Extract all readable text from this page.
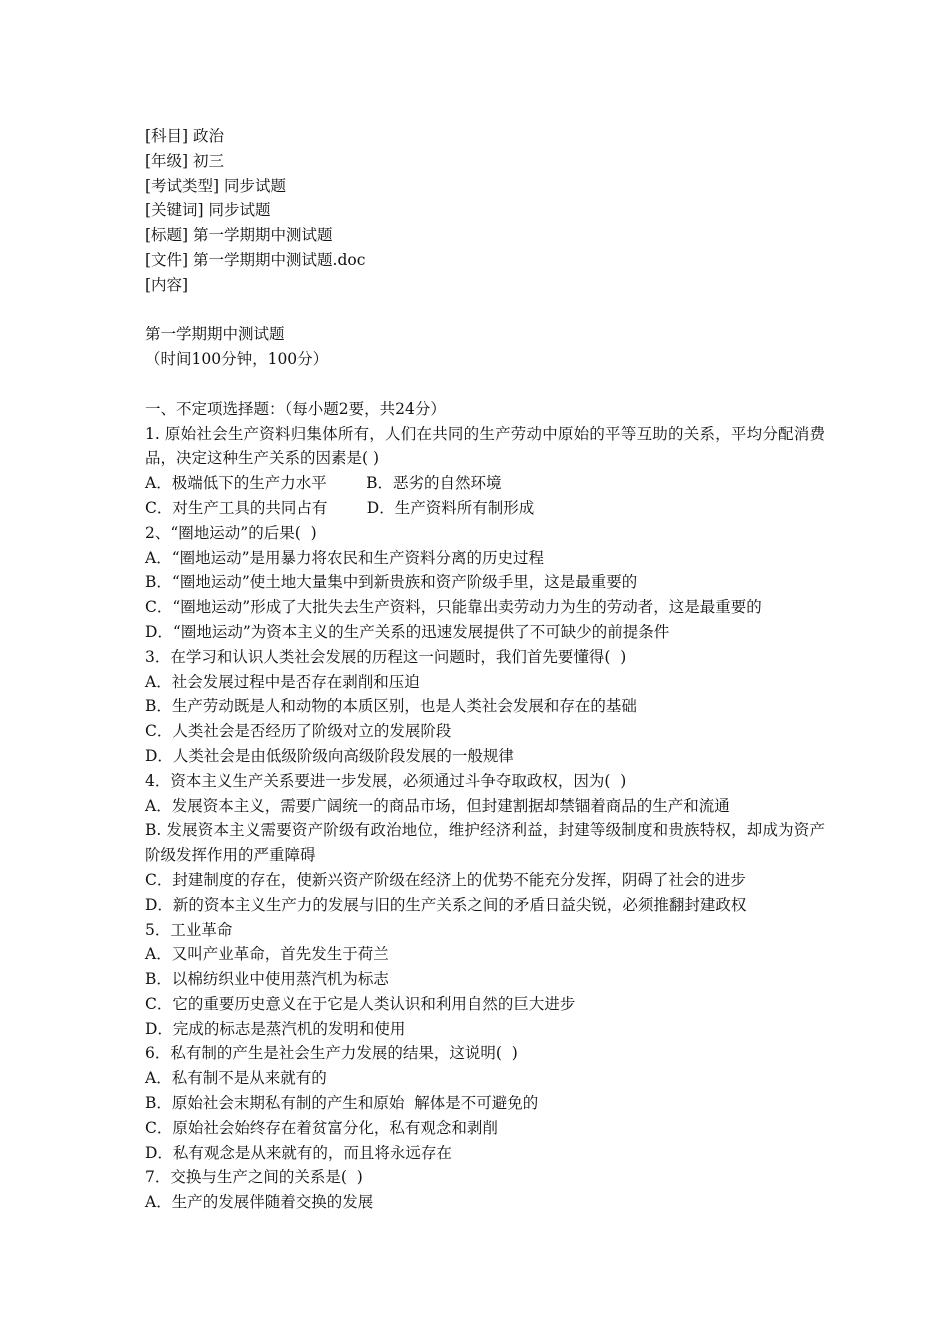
[科目] 政治
[年级] 初三
[考试类型] 同步试题
[关键词] 同步试题
[标题] 第一学期期中测试题
[文件] 第一学期期中测试题.doc
[内容]
第一学期期中测试题
（时间100分钟，100分）
一、不定项选择题：（每小题2要，共24分）
1. 原始社会生产资料归集体所有，人们在共同的生产劳动中原始的平等互助的关系，平均分配消费品，决定这种生产关系的因素是( )
A．极端低下的生产力水平        B．恶劣的自然环境
C．对生产工具的共同占有        D．生产资料所有制形成
2、“圈地运动”的后果(  )
A．“圈地运动”是用暴力将农民和生产资料分离的历史过程
B．“圈地运动”使土地大量集中到新贵族和资产阶级手里，这是最重要的
C．“圈地运动”形成了大批失去生产资料，只能靠出卖劳动力为生的劳动者，这是最重要的
D．“圈地运动”为资本主义的生产关系的迅速发展提供了不可缺少的前提条件
3．在学习和认识人类社会发展的历程这一问题时，我们首先要懂得(  )
A．社会发展过程中是否存在剥削和压迫
B．生产劳动既是人和动物的本质区别，也是人类社会发展和存在的基础
C．人类社会是否经历了阶级对立的发展阶段
D．人类社会是由低级阶级向高级阶段发展的一般规律
4．资本主义生产关系要进一步发展，必须通过斗争夺取政权，因为(  )
A．发展资本主义，需要广阔统一的商品市场，但封建割据却禁锢着商品的生产和流通
B. 发展资本主义需要资产阶级有政治地位，维护经济利益，封建等级制度和贵族特权，却成为资产阶级发挥作用的严重障碍
C．封建制度的存在，使新兴资产阶级在经济上的优势不能充分发挥，阴碍了社会的进步
D．新的资本主义生产力的发展与旧的生产关系之间的矛盾日益尖锐，必须推翻封建政权
5．工业革命
A．又叫产业革命，首先发生于荷兰
B．以棉纺织业中使用蒸汽机为标志
C．它的重要历史意义在于它是人类认识和利用自然的巨大进步
D．完成的标志是蒸汽机的发明和使用
6．私有制的产生是社会生产力发展的结果，这说明(  )
A．私有制不是从来就有的
B．原始社会末期私有制的产生和原始  解体是不可避免的
C．原始社会始终存在着贫富分化，私有观念和剥削
D．私有观念是从来就有的，而且将永远存在
7．交换与生产之间的关系是(  )
A．生产的发展伴随着交换的发展
